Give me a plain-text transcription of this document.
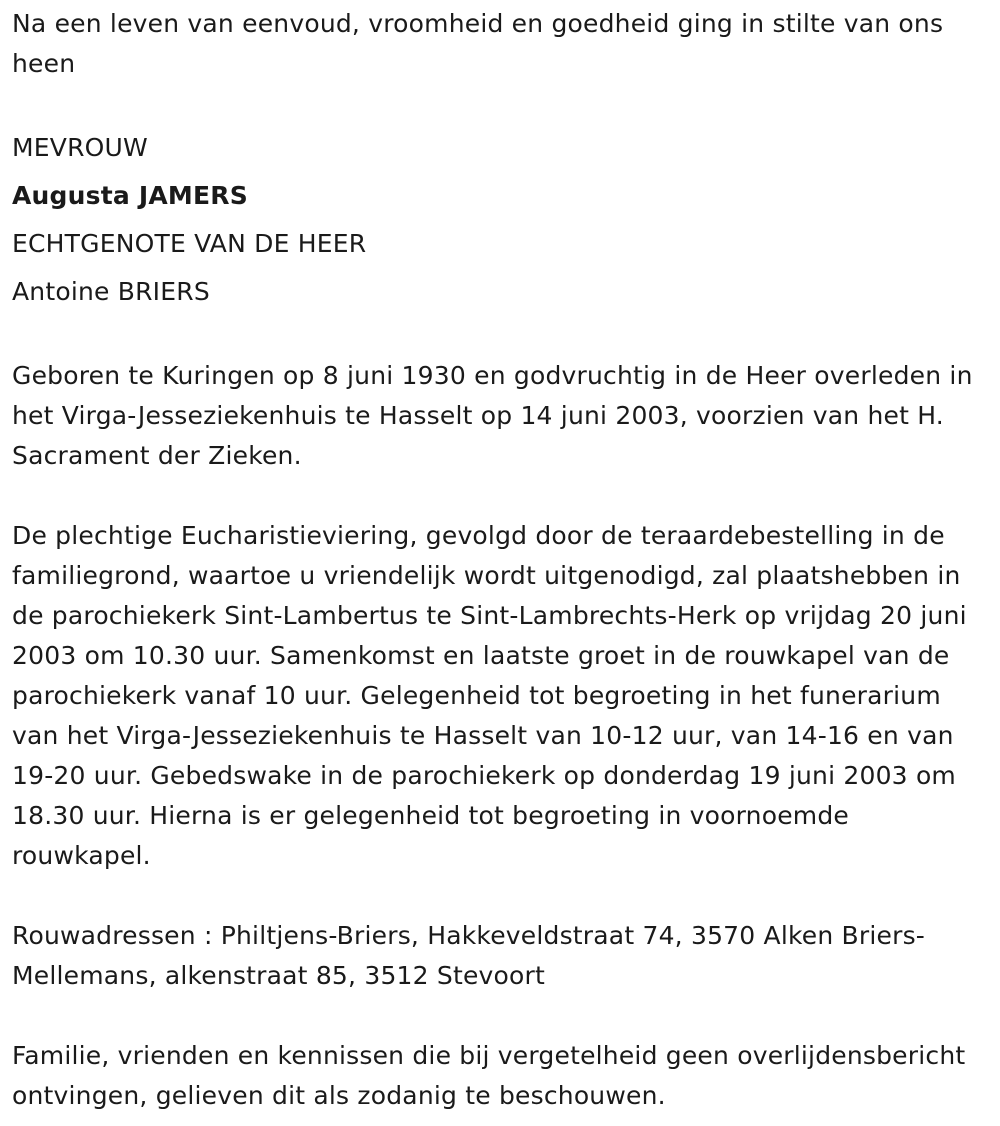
Na een leven van eenvoud, vroomheid en goedheid ging in stilte van ons heen

MEVROUW

Augusta JAMERS

ECHTGENOTE VAN DE HEER

Antoine BRIERS

Geboren te Kuringen op 8 juni 1930 en godvruchtig in de Heer overleden in het Virga-Jesseziekenhuis te Hasselt op 14 juni 2003, voorzien van het H. Sacrament der Zieken.

De plechtige Eucharistieviering, gevolgd door de teraardebestelling in de familiegrond, waartoe u vriendelijk wordt uitgenodigd, zal plaatshebben in de parochiekerk Sint-Lambertus te Sint-Lambrechts-Herk op vrijdag 20 juni 2003 om 10.30 uur. Samenkomst en laatste groet in de rouwkapel van de parochiekerk vanaf 10 uur. Gelegenheid tot begroeting in het funerarium van het Virga-Jesseziekenhuis te Hasselt van 10-12 uur, van 14-16 en van 19-20 uur. Gebedswake in de parochiekerk op donderdag 19 juni 2003 om 18.30 uur. Hierna is er gelegenheid tot begroeting in voornoemde rouwkapel.

Rouwadressen : Philtjens-Briers, Hakkeveldstraat 74, 3570 Alken Briers-Mellemans, alkenstraat 85, 3512 Stevoort

Familie, vrienden en kennissen die bij vergetelheid geen overlijdensbericht ontvingen, gelieven dit als zodanig te beschouwen.
